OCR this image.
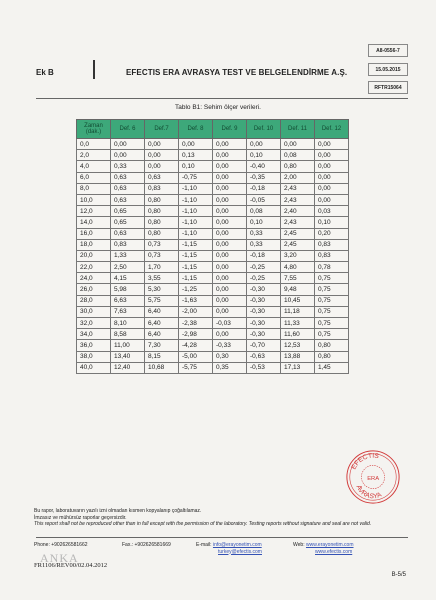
Ek B	EFECTIS ERA AVRASYA TEST VE BELGELENDİRME A.Ş.
A8-0556-7
15.05.2015
RFTR15064
Tablo B1: Sehim ölçer verileri.
Zaman (dak.)	Def. 6	Def.7	Def. 8	Def. 9	Def. 10	Def. 11	Def. 12
0,0	0,00	0,00	0,00	0,00	0,00	0,00	0,00
2,0	0,00	0,00	0,13	0,00	0,10	0,08	0,00
4,0	0,33	0,00	0,10	0,00	-0,40	0,80	0,00
6,0	0,63	0,63	-0,75	0,00	-0,35	2,00	0,00
8,0	0,63	0,83	-1,10	0,00	-0,18	2,43	0,00
10,0	0,63	0,80	-1,10	0,00	-0,05	2,43	0,00
12,0	0,65	0,80	-1,10	0,00	0,08	2,40	0,03
14,0	0,65	0,80	-1,10	0,00	0,10	2,43	0,10
16,0	0,63	0,80	-1,10	0,00	0,33	2,45	0,20
18,0	0,83	0,73	-1,15	0,00	0,33	2,45	0,83
20,0	1,33	0,73	-1,15	0,00	-0,18	3,20	0,83
22,0	2,50	1,70	-1,15	0,00	-0,25	4,80	0,78
24,0	4,15	3,55	-1,15	0,00	-0,25	7,55	0,75
26,0	5,98	5,30	-1,25	0,00	-0,30	9,48	0,75
28,0	6,63	5,75	-1,63	0,00	-0,30	10,45	0,75
30,0	7,63	6,40	-2,00	0,00	-0,30	11,18	0,75
32,0	8,10	6,40	-2,38	-0,03	-0,30	11,33	0,75
34,0	8,58	6,40	-2,98	0,00	-0,30	11,60	0,75
36,0	11,00	7,30	-4,28	-0,33	-0,70	12,53	0,80
38,0	13,40	8,15	-5,00	0,30	-0,63	13,88	0,80
40,0	12,40	10,68	-5,75	0,35	-0,53	17,13	1,45
EFECTIS
AVRASYA
ERA
Bu rapor, laboratuvarın yazılı izni olmadan kısmen kopyalanıp çoğaltılamaz.
İmzasız ve mühürsüz raporlar geçersizdir.
This report shall not be reproduced other than in full except with the permission of the laboratory. Testing reports without signature and seal are not valid.
ANKA
Phone: +902626581662	Fax.: +902626581669	E-mail: info@erayonetim.com
turkey@efectis.com
Web: www.erayonetim.com
www.efectis.com
FR1106/REV00/02.04.2012
B-5/5
